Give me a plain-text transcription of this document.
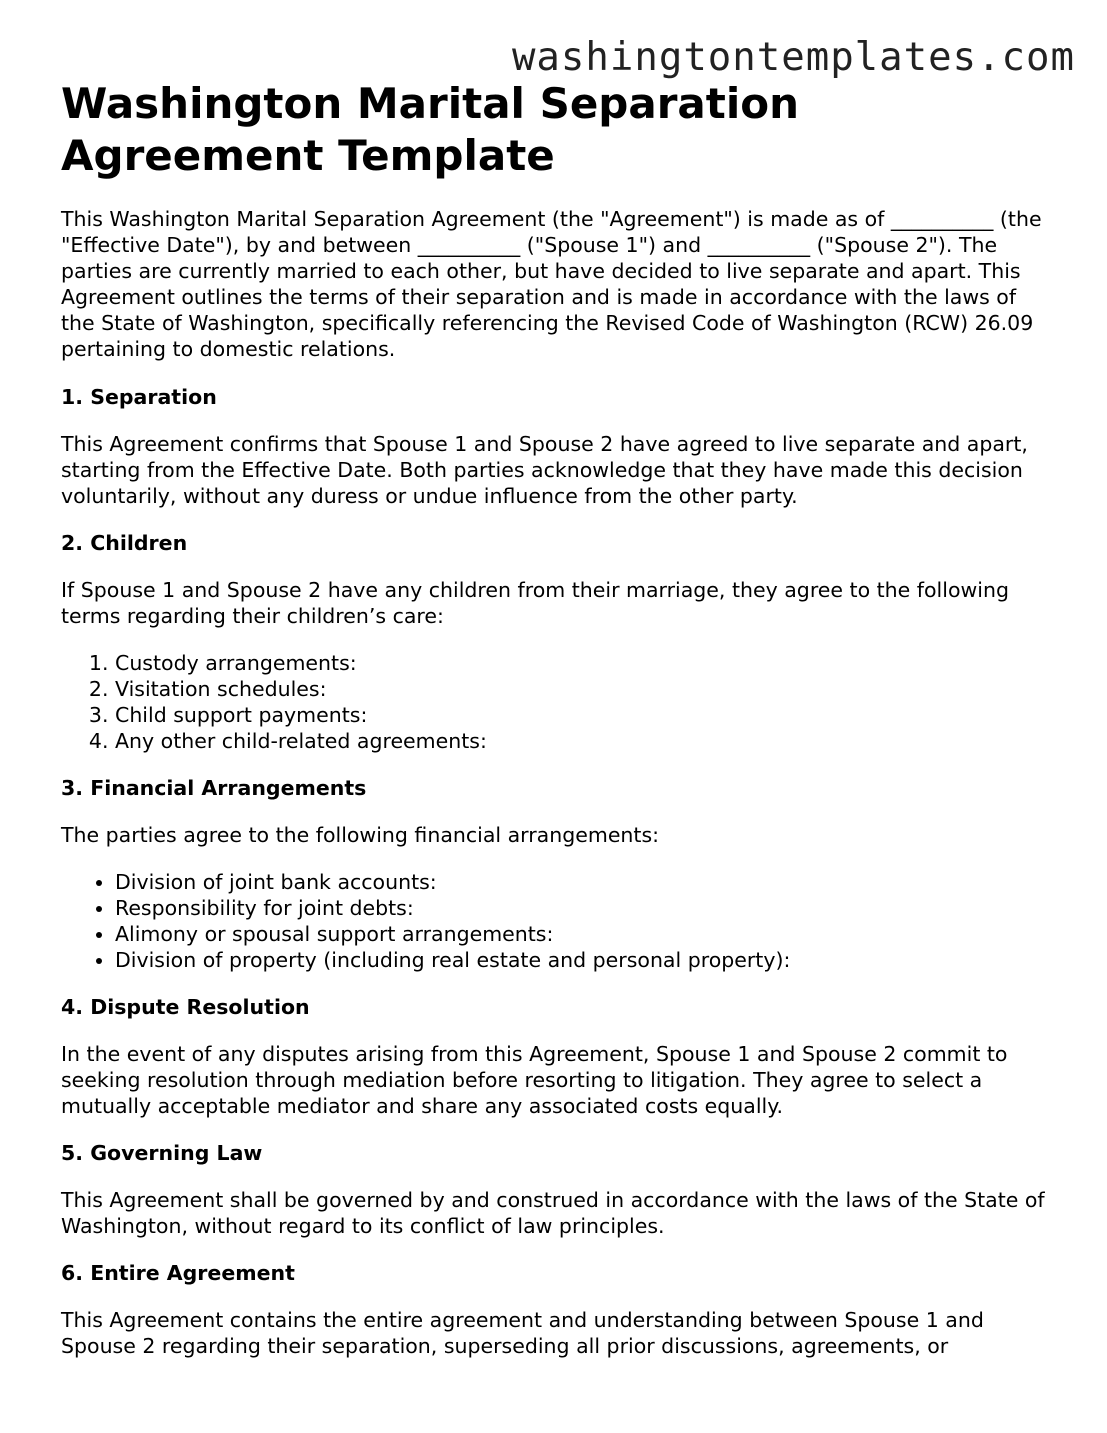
washingtontemplates.com
Washington Marital Separation Agreement Template

This Washington Marital Separation Agreement (the "Agreement") is made as of __________ (the "Effective Date"), by and between __________ ("Spouse 1") and __________ ("Spouse 2"). The parties are currently married to each other, but have decided to live separate and apart. This Agreement outlines the terms of their separation and is made in accordance with the laws of the State of Washington, specifically referencing the Revised Code of Washington (RCW) 26.09 pertaining to domestic relations.

1. Separation

This Agreement confirms that Spouse 1 and Spouse 2 have agreed to live separate and apart, starting from the Effective Date. Both parties acknowledge that they have made this decision voluntarily, without any duress or undue influence from the other party.

2. Children

If Spouse 1 and Spouse 2 have any children from their marriage, they agree to the following terms regarding their children’s care:

1. Custody arrangements:
2. Visitation schedules:
3. Child support payments:
4. Any other child-related agreements:
3. Financial Arrangements

The parties agree to the following financial arrangements:

• Division of joint bank accounts:
• Responsibility for joint debts:
• Alimony or spousal support arrangements:
• Division of property (including real estate and personal property):
4. Dispute Resolution

In the event of any disputes arising from this Agreement, Spouse 1 and Spouse 2 commit to seeking resolution through mediation before resorting to litigation. They agree to select a mutually acceptable mediator and share any associated costs equally.

5. Governing Law

This Agreement shall be governed by and construed in accordance with the laws of the State of Washington, without regard to its conflict of law principles.

6. Entire Agreement

This Agreement contains the entire agreement and understanding between Spouse 1 and Spouse 2 regarding their separation, superseding all prior discussions, agreements, or
